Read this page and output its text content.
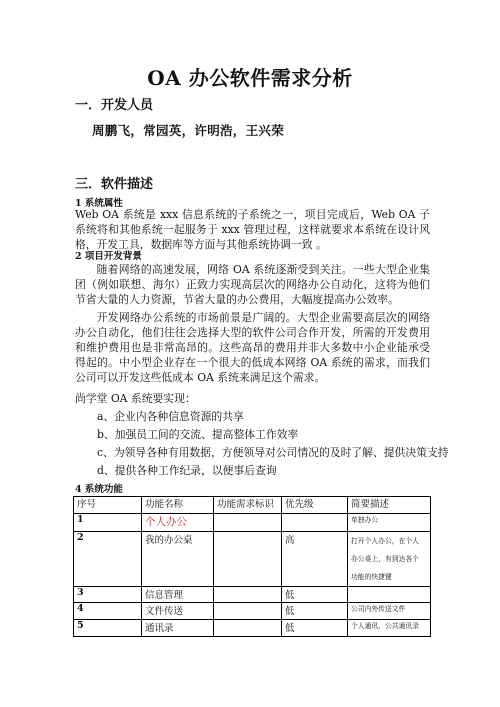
OA 办公软件需求分析
一．开发人员
周鹏飞，常园英，许明浩，王兴荣
三．软件描述
1 系统属性
Web OA 系统是 xxx 信息系统的子系统之一，项目完成后，Web OA 子系统将和其他系统一起服务于 xxx 管理过程，这样就要求本系统在设计风格，开发工具，数据库等方面与其他系统协调一致 。
2 项目开发背景
随着网络的高速发展，网络 OA 系统逐渐受到关注。一些大型企业集团（例如联想、海尔）正致力实现高层次的网络办公自动化，这将为他们节省大量的人力资源，节省大量的办公费用，大幅度提高办公效率。
开发网络办公系统的市场前景是广阔的。大型企业需要高层次的网络办公自动化，他们往往会选择大型的软件公司合作开发，所需的开发费用和维护费用也是非常高昂的。这些高昂的费用并非大多数中小企业能承受得起的。中小型企业存在一个很大的低成本网络 OA 系统的需求，而我们公司可以开发这些低成本 OA 系统来满足这个需求。
尚学堂 OA 系统要实现：
a、企业内各种信息资源的共享
b、加强员工间的交流、提高整体工作效率
c、为领导各种有用数据，方便领导对公司情况的及时了解、提供决策支持
d、提供各种工作纪录，以便事后查询
4 系统功能
序号	功能名称	功能需求标识	优先级	简要描述
1	个人办公			单独办公
2	我的办公桌		高	打开个人办公，在个人
办公桌上，有到达各个
功能的快捷键

3	信息管理		低	
4	文件传送		低	公司内外传送文件
5	通讯录		低	个人通讯、公共通讯录
